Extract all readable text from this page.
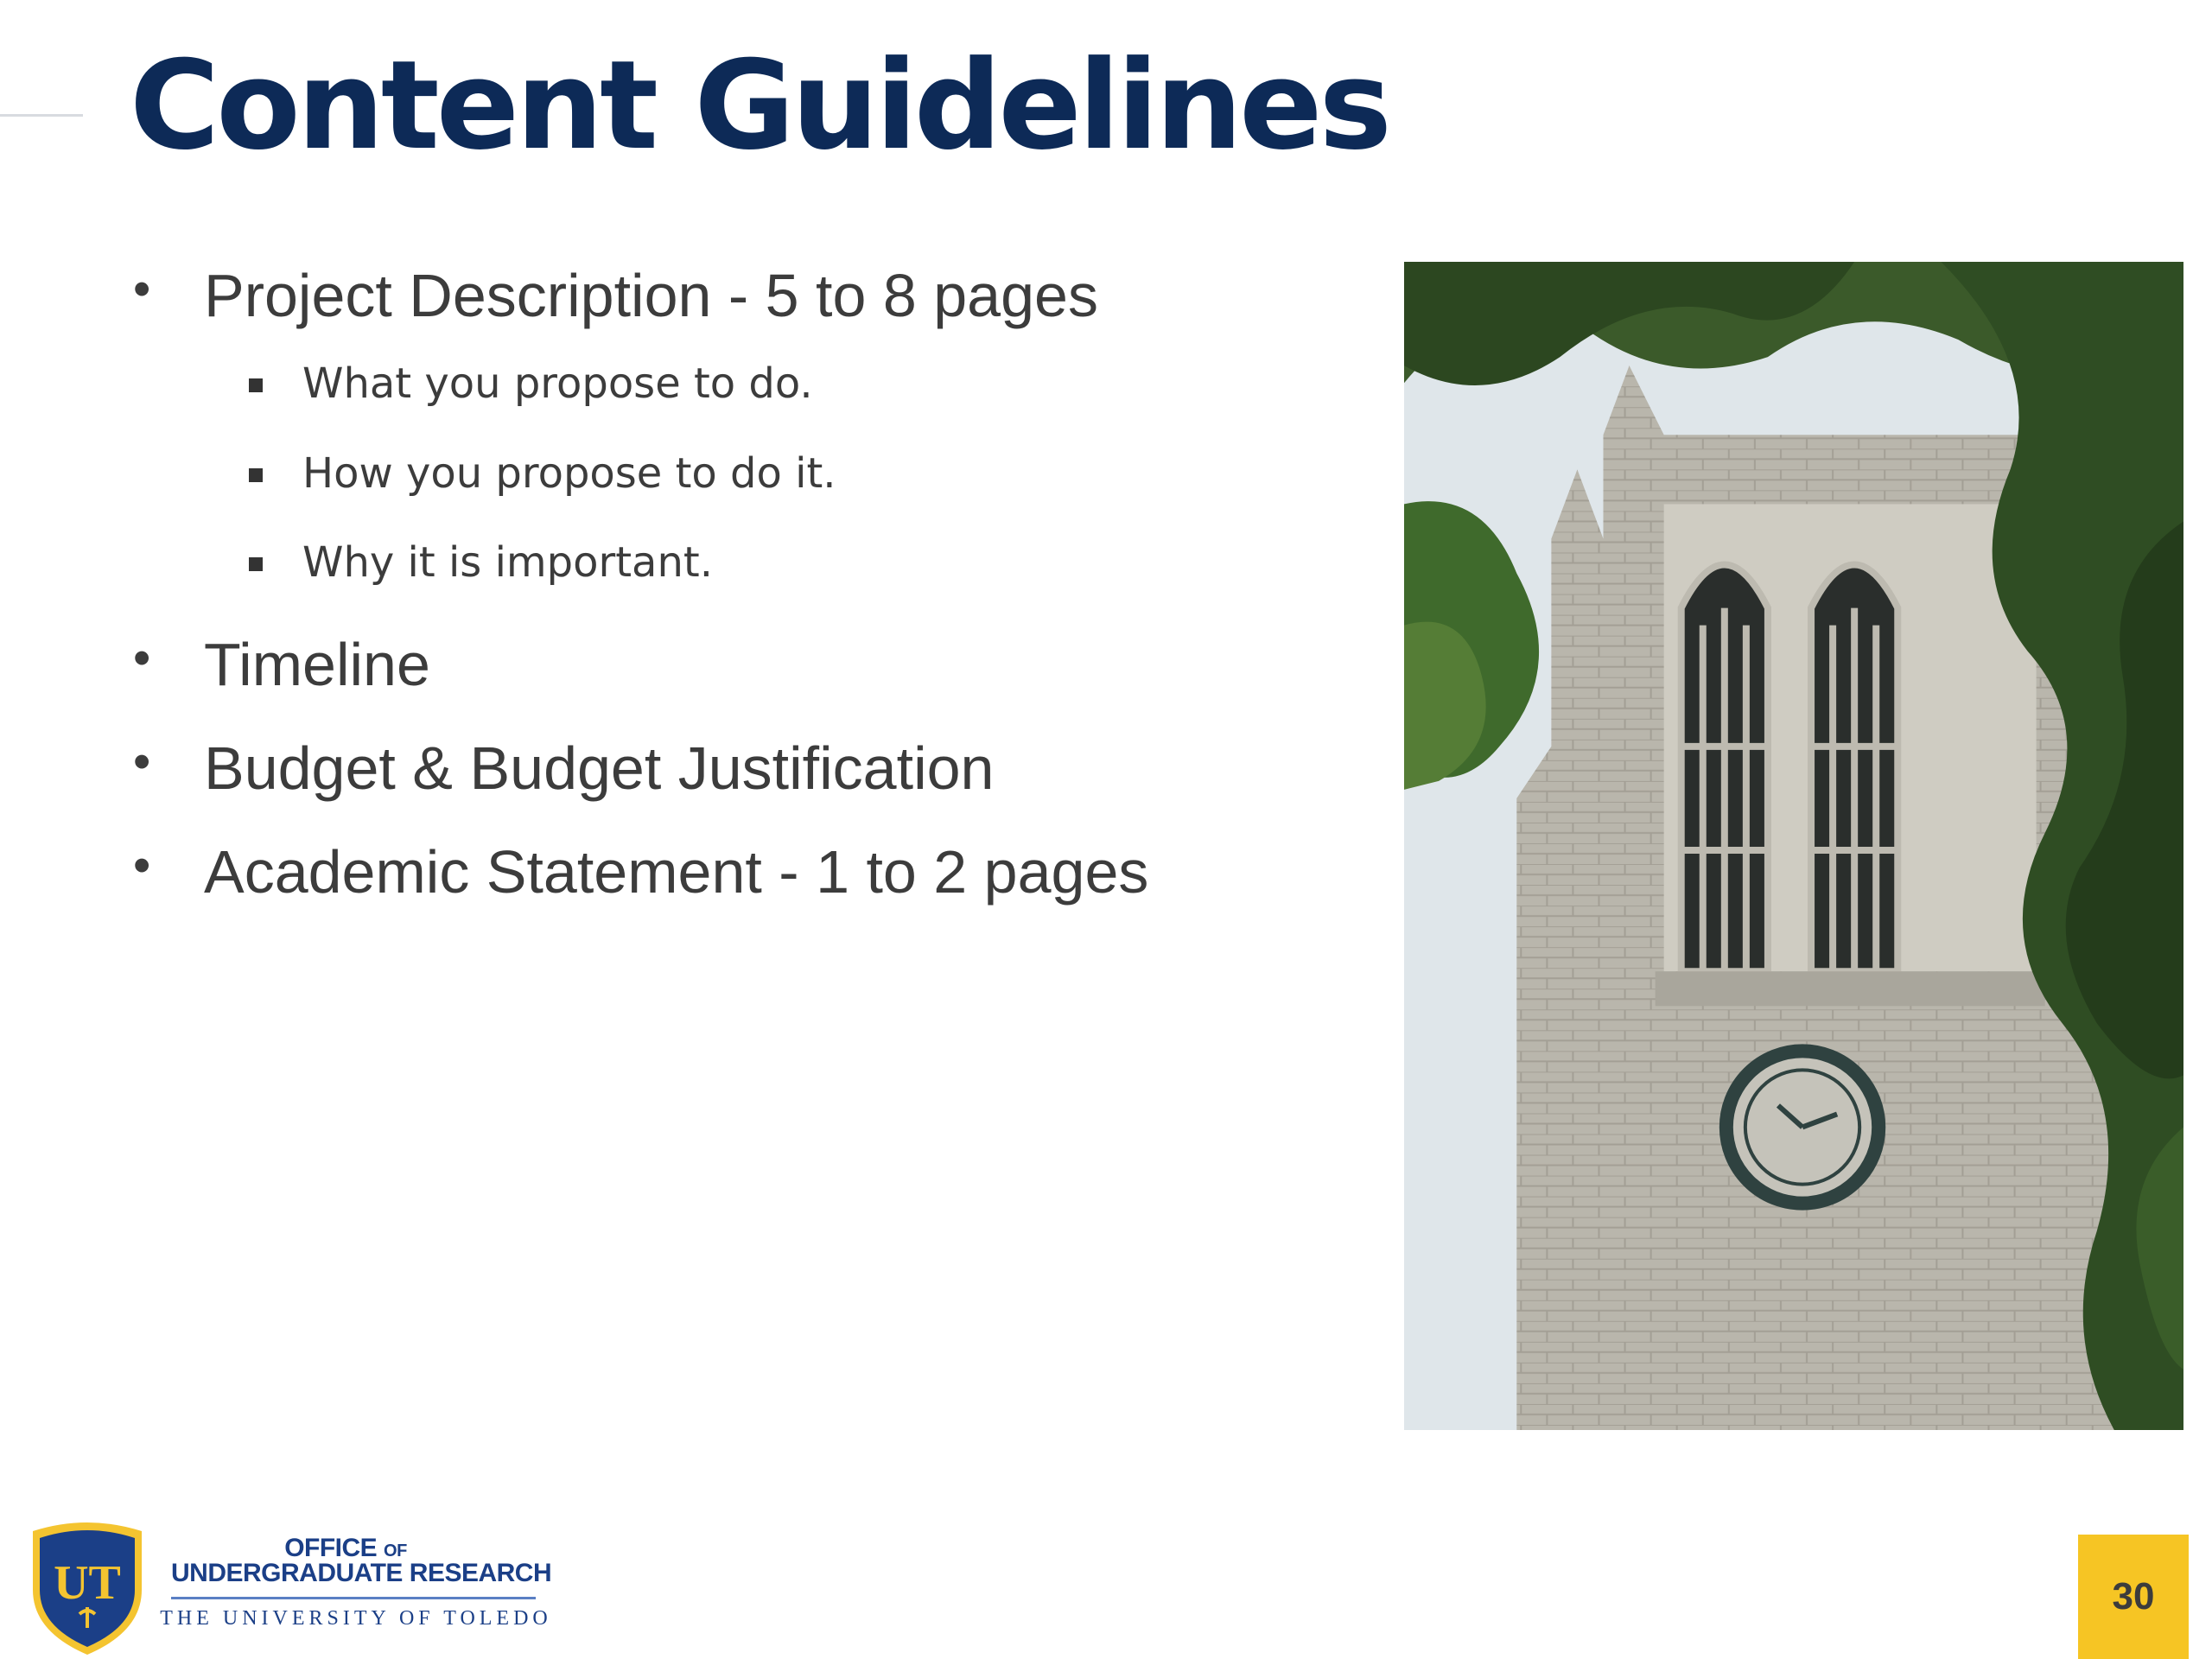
Content Guidelines
• Project Description - 5 to 8 pages
What you propose to do.
How you propose to do it.
Why it is important.
• Timeline
• Budget & Budget Justification
• Academic Statement - 1 to 2 pages
UT
OFFICE OF
UNDERGRADUATE RESEARCH
THE UNIVERSITY OF TOLEDO
30
